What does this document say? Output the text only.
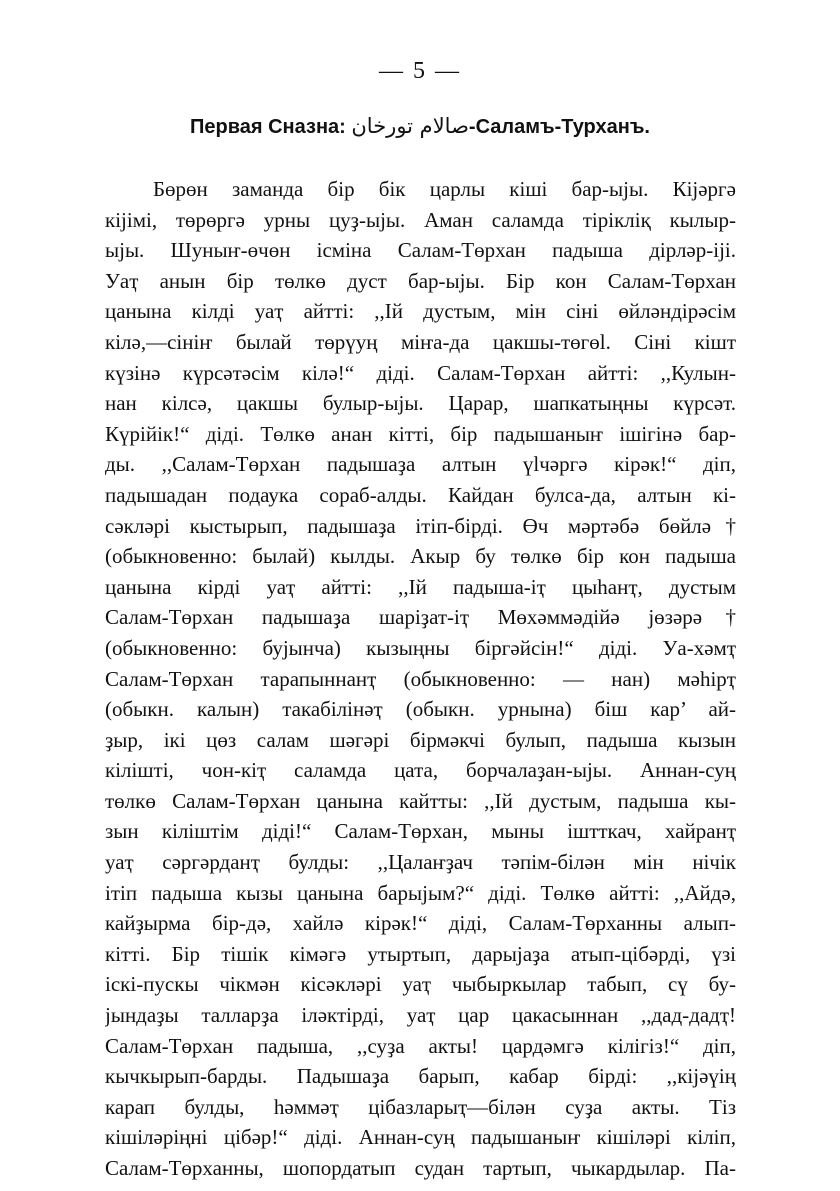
— 5 —
Первая Сназна: صالام تورخان-Саламъ-Турханъ.
Бөрөн заманда бір бік царлы кіші бар-ыјы. Кіјәргә
кіјімі, төрөргә урны цуҙ-ыјы. Аман саламда тірікліқ кылыр-
ыјы. Шуныҥ-өчөн ісміна Салам-Төрхан падыша дірләр-іјі.
Уаҭ анын бір төлкө дуст бар-ыјы. Бір кон Салам-Төрхан
цанына кілді уаҭ айтті: ,,Ій дустым, мін сіні өйләндірәсім
кілә,—сініҥ былай төрүуң міҥа-да цакшы-төгөl. Сіні кішт
күзінә күрсәтәсім кілә!“ діді. Салам-Төрхан айтті: ,,Кулын-
нан кілсә, цакшы булыр-ыјы. Царар, шапкатыңны күрсәт.
Күрійік!“ діді. Төлкө анан кітті, бір падышаныҥ ішігінә бар-
ды. ,,Салам-Төрхан падышаҙа алтын үlчәргә кірәк!“ діп,
падышадан подаука сораб-алды. Кайдан булса-да, алтын кі-
сәкләрі кыстырып, падышаҙа ітіп-бірді. Өч мәртәбә бөйлә†
(обыкновенно: былай) кылды. Акыр бу төлкө бір кон падыша
цанына кірді уаҭ айтті: ,,Ій падыша-іҭ цыһанҭ, дустым
Салам-Төрхан падышаҙа шаріҙат-іҭ Мөхәммәдійә јөзәрә†
(обыкновенно: бујынча) кызыңны біргәйсін!“ діді. Уа-хәмҭ
Салам-Төрхан тарапыннанҭ (обыкновенно: — нан) мәһірҭ
(обыкн. калын) такабілінәҭ (обыкн. урнына) біш кар’ ай-
ҙыр, ікі цөз салам шәгәрі бірмәкчі булып, падыша кызын
кіліштi, чон-кіҭ саламда цата, борчалаҙан-ыјы. Аннан-суң
төлкө Салам-Төрхан цанына кайтты: ,,Ій дустым, падыша кы-
зын кіліштім діді!“ Салам-Төрхан, мыны іштткач, хайранҭ
уаҭ сәргәрданҭ булды: ,,Цалаҥҙач тәпім-білән мін нічік
ітіп падыша кызы цанына барыјым?“ діді. Төлкө айтті: ,,Айдә,
кайҙырма бір-дә, хайлә кірәк!“ діді, Салам-Төрханны алып-
кітті. Бір тішік кімәгә утыртып, дарыјаҙа атып-цібәрді, үзі
іскі-пускы чікмән кісәкләрі уаҭ чыбыркылар табып, сү бу-
јындаҙы талларҙа іләктірді, уаҭ цар цакасыннан ,,дад-дадҭ!
Салам-Төрхан падыша, ,,суҙа акты! цардәмгә кілігіз!“ діп,
кычкырып-барды. Падышаҙа барып, кабар бірді: ,,кіјәүің
карап булды, һәммәҭ цібазларыҭ—білән суҙа акты. Тіз
кішіләріңні цібәр!“ діді. Аннан-суң падышаныҥ кішіләрі кіліп,
Салам-Төрханны, шопордатып судан тартып, чыкардылар. Па-
